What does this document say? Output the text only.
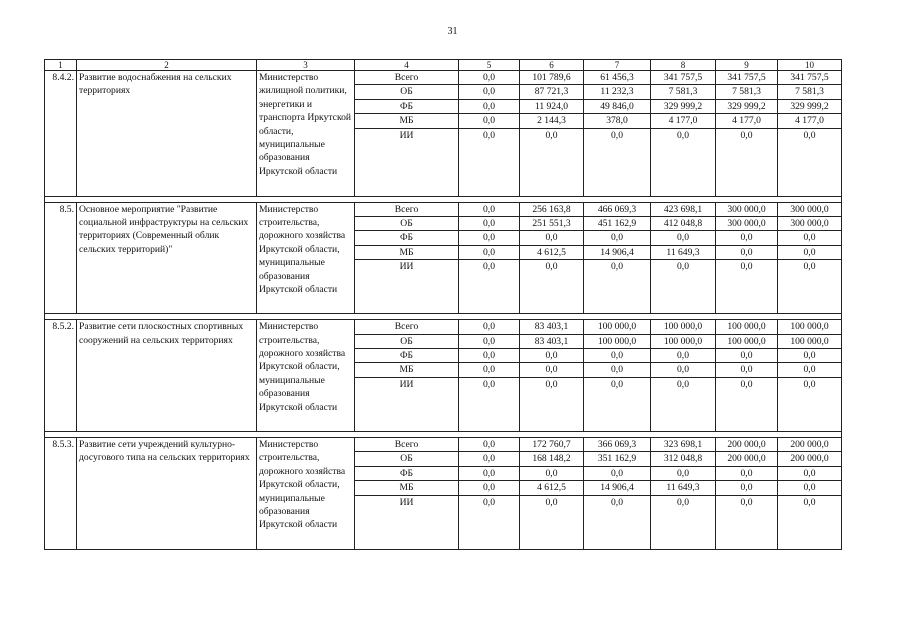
31
1	2	3	4	5	6	7	8	9	10
8.4.2.	Развитие водоснабжения на сельских территориях	Министерство жилищной политики, энергетики и транспорта Иркутской области, муниципальные образования Иркутской области	Всего	0,0	101 789,6	61 456,3	341 757,5	341 757,5	341 757,5
			ОБ	0,0	87 721,3	11 232,3	7 581,3	7 581,3	7 581,3
			ФБ	0,0	11 924,0	49 846,0	329 999,2	329 999,2	329 999,2
			МБ	0,0	2 144,3	378,0	4 177,0	4 177,0	4 177,0
			ИИ	0,0	0,0	0,0	0,0	0,0	0,0

8.5.	Основное мероприятие "Развитие социальной инфраструктуры на сельских территориях (Современный облик сельских территорий)"	Министерство строительства, дорожного хозяйства Иркутской области, муниципальные образования Иркутской области	Всего	0,0	256 163,8	466 069,3	423 698,1	300 000,0	300 000,0
			ОБ	0,0	251 551,3	451 162,9	412 048,8	300 000,0	300 000,0
			ФБ	0,0	0,0	0,0	0,0	0,0	0,0
			МБ	0,0	4 612,5	14 906,4	11 649,3	0,0	0,0
			ИИ	0,0	0,0	0,0	0,0	0,0	0,0

8.5.2.	Развитие сети плоскостных спортивных сооружений на сельских территориях	Министерство строительства, дорожного хозяйства Иркутской области, муниципальные образования Иркутской области	Всего	0,0	83 403,1	100 000,0	100 000,0	100 000,0	100 000,0
			ОБ	0,0	83 403,1	100 000,0	100 000,0	100 000,0	100 000,0
			ФБ	0,0	0,0	0,0	0,0	0,0	0,0
			МБ	0,0	0,0	0,0	0,0	0,0	0,0
			ИИ	0,0	0,0	0,0	0,0	0,0	0,0

8.5.3.	Развитие сети учреждений культурно-досугового типа на сельских территориях	Министерство строительства, дорожного хозяйства Иркутской области, муниципальные образования Иркутской области	Всего	0,0	172 760,7	366 069,3	323 698,1	200 000,0	200 000,0
			ОБ	0,0	168 148,2	351 162,9	312 048,8	200 000,0	200 000,0
			ФБ	0,0	0,0	0,0	0,0	0,0	0,0
			МБ	0,0	4 612,5	14 906,4	11 649,3	0,0	0,0
			ИИ	0,0	0,0	0,0	0,0	0,0	0,0
